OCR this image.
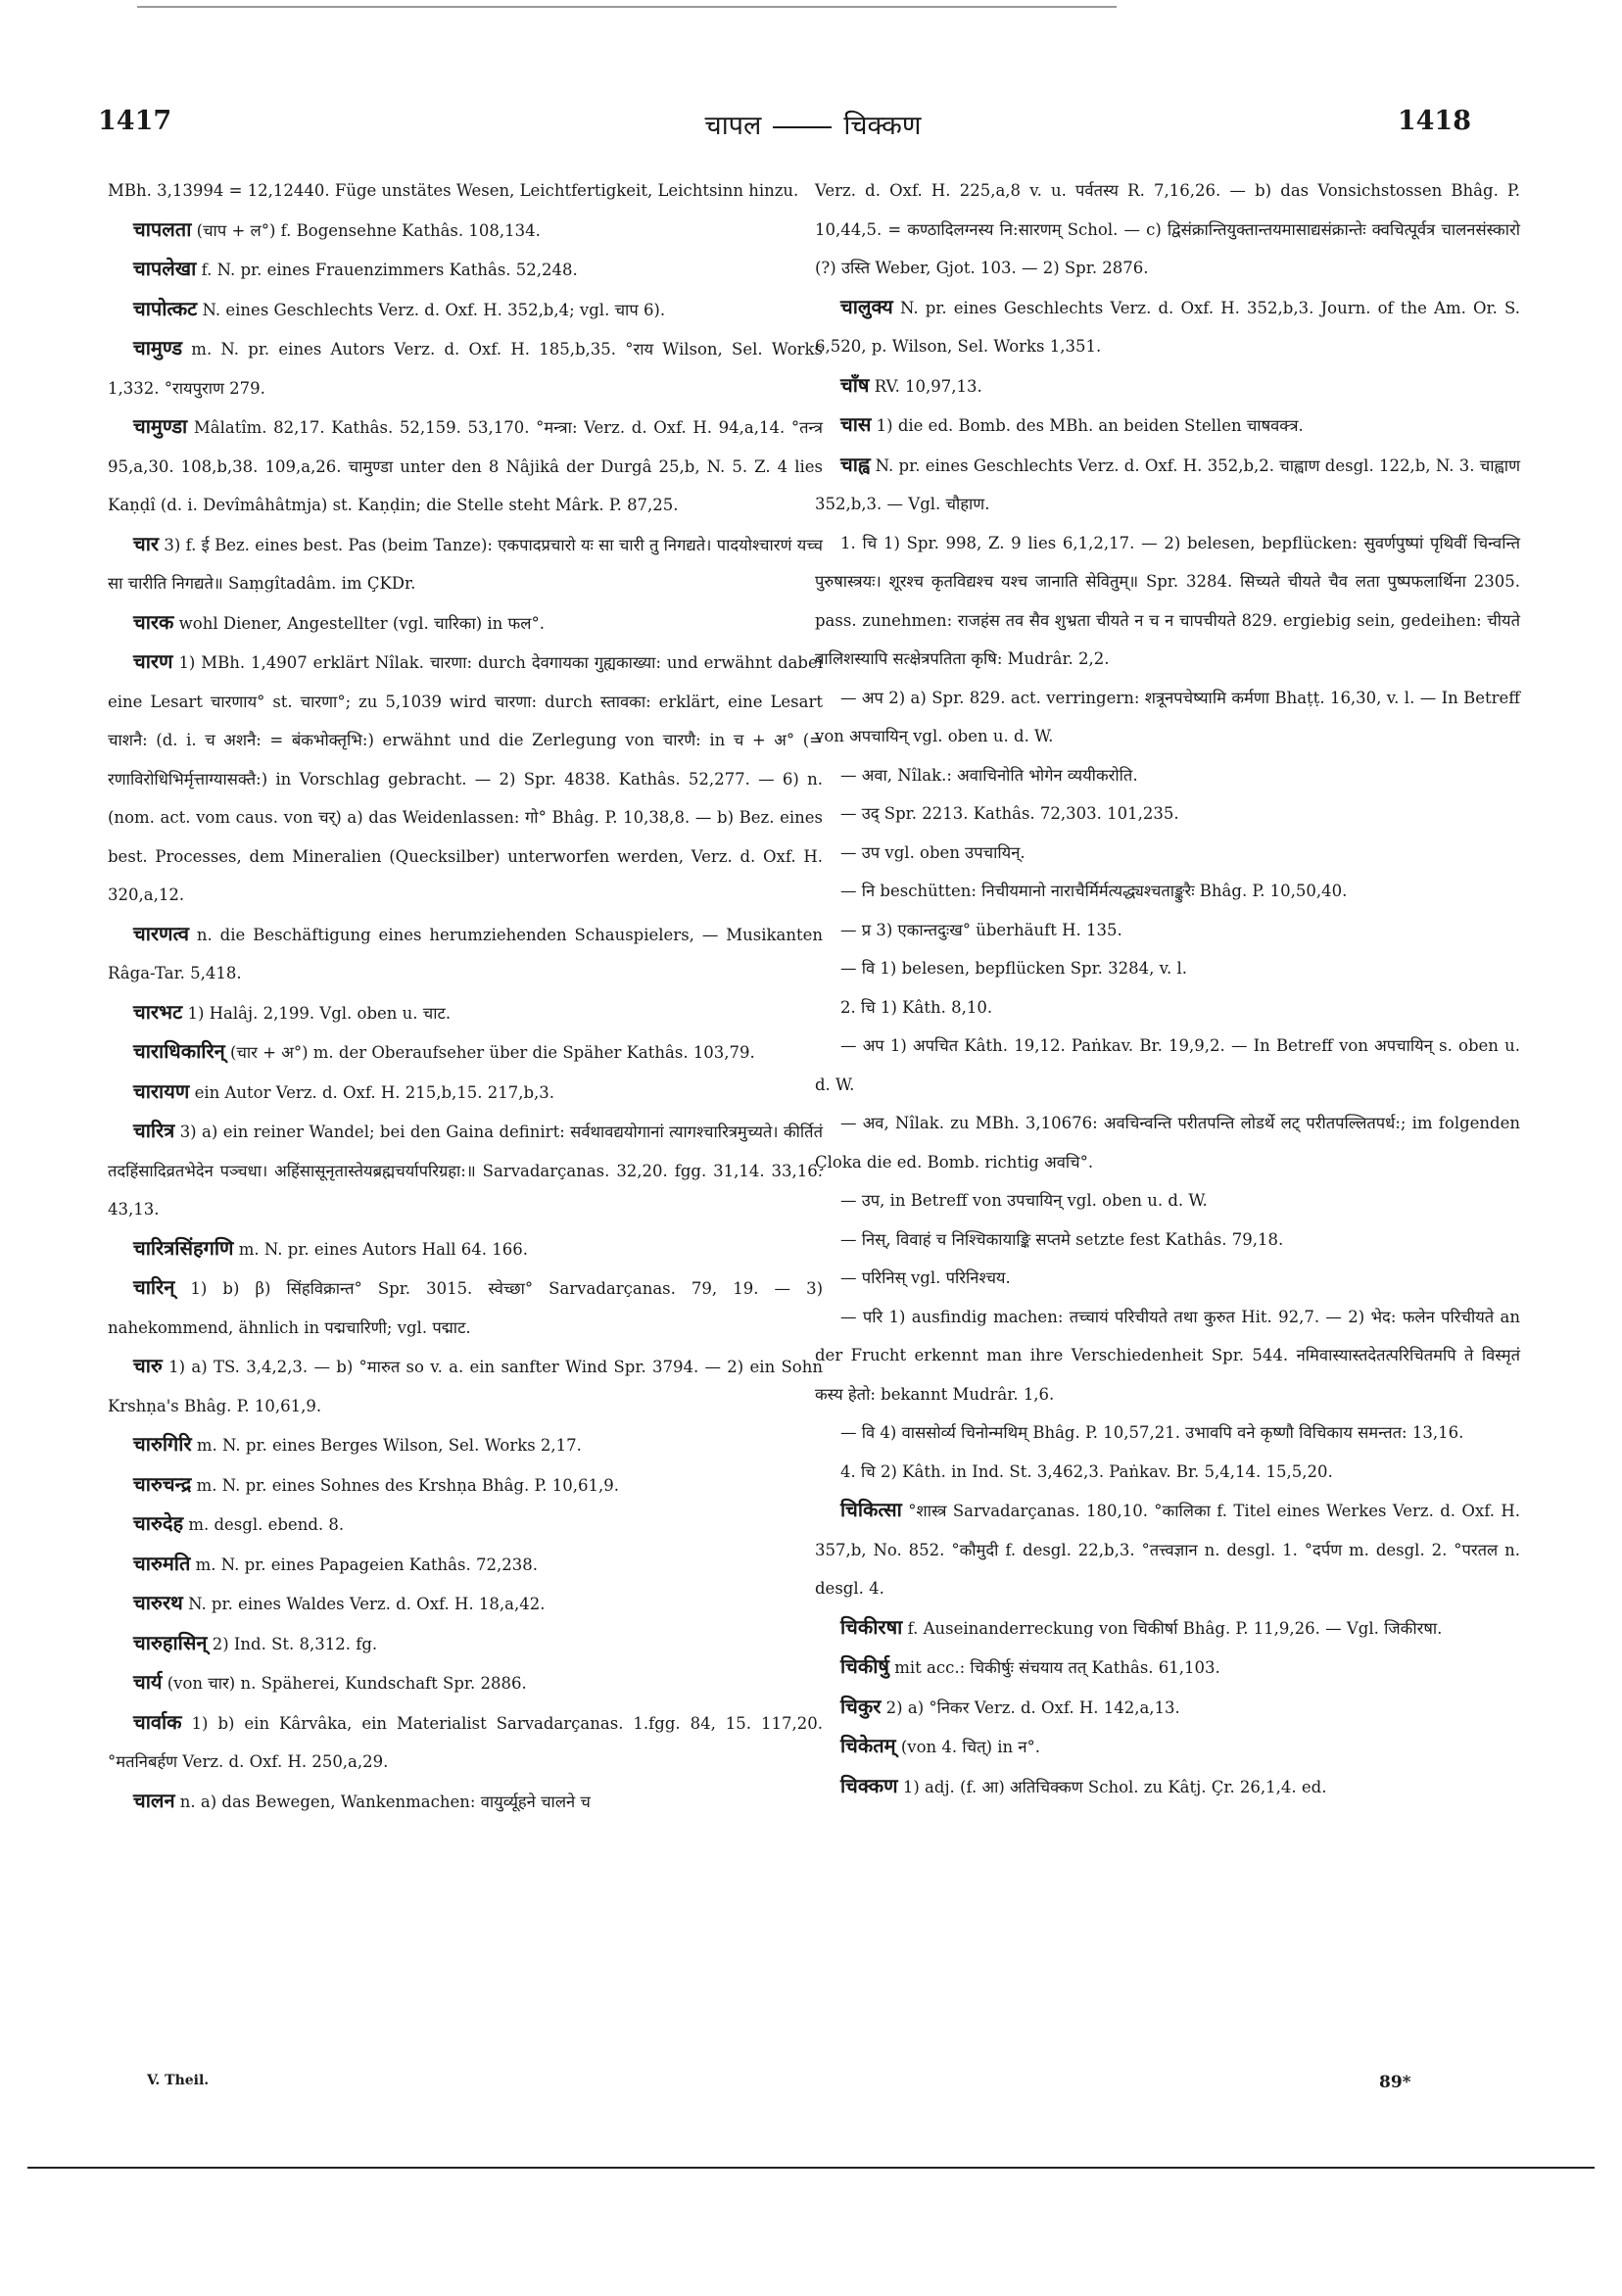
1417	चापल	चिक्कण	1418

MBh. 3,13994 = 12,12440. Füge unstätes Wesen, Leichtfertigkeit, Leichtsinn hinzu.

चापलता (चाप + ल°) f. Bogensehne Kathâs. 108,134.

चापलेखा f. N. pr. eines Frauenzimmers Kathâs. 52,248.

चापोत्कट N. eines Geschlechts Verz. d. Oxf. H. 352,b,4; vgl. चाप 6).

चामुण्ड m. N. pr. eines Autors Verz. d. Oxf. H. 185,b,35. °राय Wilson, Sel. Works 1,332. °रायपुराण 279.

चामुण्डा Mâlatîm. 82,17. Kathâs. 52,159. 53,170. °मन्त्रा: Verz. d. Oxf. H. 94,a,14. °तन्त्र 95,a,30. 108,b,38. 109,a,26. चामुण्डा unter den 8 Nâjikâ der Durgâ 25,b, N. 5. Z. 4 lies Kaṇḍî (d. i. Devîmâhâtmja) st. Kaṇḍin; die Stelle steht Mârk. P. 87,25.

चार 3) f. ई Bez. eines best. Pas (beim Tanze): एकपादप्रचारो यः सा चारी तु निगद्यते। पादयोश्चारणं यच्च सा चारीति निगद्यते॥ Saṃgîtadâm. im ÇKDr.

चारक wohl Diener, Angestellter (vgl. चारिका) in फल°.

चारण 1) MBh. 1,4907 erklärt Nîlak. चारणा: durch देवगायका गुह्यकाख्या: und erwähnt dabei eine Lesart चारणाय° st. चारणा°; zu 5,1039 wird चारणा: durch स्तावका: erklärt, eine Lesart चाशनै: (d. i. च अशनै: = बंकभोक्तृभि:) erwähnt und die Zerlegung von चारणै: in च + अ° (= रणाविरोधिभिर्मृत्ताग्यासक्तै:) in Vorschlag gebracht. — 2) Spr. 4838. Kathâs. 52,277. — 6) n. (nom. act. vom caus. von चर्) a) das Weidenlassen: गो° Bhâg. P. 10,38,8. — b) Bez. eines best. Processes, dem Mineralien (Quecksilber) unterworfen werden, Verz. d. Oxf. H. 320,a,12.

चारणत्व n. die Beschäftigung eines herumziehenden Schauspielers, — Musikanten Râga-Tar. 5,418.

चारभट 1) Halâj. 2,199. Vgl. oben u. चाट.

चाराधिकारिन् (चार + अ°) m. der Oberaufseher über die Späher Kathâs. 103,79.

चारायण ein Autor Verz. d. Oxf. H. 215,b,15. 217,b,3.

चारित्र 3) a) ein reiner Wandel; bei den Gaina definirt: सर्वथावद्ययोगानां त्यागश्चारित्रमुच्यते। कीर्तितं तदहिंसादिव्रतभेदेन पञ्चधा। अहिंसासूनृतास्तेयब्रह्मचर्यापरिग्रहा:॥ Sarvadarçanas. 32,20. fgg. 31,14. 33,16. 43,13.

चारित्रसिंहगणि m. N. pr. eines Autors Hall 64. 166.

चारिन् 1) b) β) सिंहविक्रान्त° Spr. 3015. स्वेच्छा° Sarvadarçanas. 79, 19. — 3) nahekommend, ähnlich in पद्मचारिणी; vgl. पद्माट.

चारु 1) a) TS. 3,4,2,3. — b) °मारुत so v. a. ein sanfter Wind Spr. 3794. — 2) ein Sohn Krshṇa's Bhâg. P. 10,61,9.

चारुगिरि m. N. pr. eines Berges Wilson, Sel. Works 2,17.

चारुचन्द्र m. N. pr. eines Sohnes des Krshṇa Bhâg. P. 10,61,9.

चारुदेह m. desgl. ebend. 8.

चारुमति m. N. pr. eines Papageien Kathâs. 72,238.

चारुरथ N. pr. eines Waldes Verz. d. Oxf. H. 18,a,42.

चारुहासिन् 2) Ind. St. 8,312. fg.

चार्य (von चार) n. Späherei, Kundschaft Spr. 2886.

चार्वाक 1) b) ein Kârvâka, ein Materialist Sarvadarçanas. 1.fgg. 84, 15. 117,20. °मतनिबर्हण Verz. d. Oxf. H. 250,a,29.

चालन n. a) das Bewegen, Wankenmachen: वायुर्व्यूहने चालने च

Verz. d. Oxf. H. 225,a,8 v. u. पर्वतस्य R. 7,16,26. — b) das Vonsichstossen Bhâg. P. 10,44,5. = कण्ठादिलग्नस्य नि:सारणम् Schol. — c) द्विसंक्रान्तियुक्तान्तयमासाद्यसंक्रान्तेः क्वचित्पूर्वत्र चालनसंस्कारो (?) उस्ति Weber, Gjot. 103. — 2) Spr. 2876.

चालुक्य N. pr. eines Geschlechts Verz. d. Oxf. H. 352,b,3. Journ. of the Am. Or. S. 6,520, p. Wilson, Sel. Works 1,351.

चाँष RV. 10,97,13.

चास 1) die ed. Bomb. des MBh. an beiden Stellen चाषवक्त्र.

चाह्व N. pr. eines Geschlechts Verz. d. Oxf. H. 352,b,2. चाह्वाण desgl. 122,b, N. 3. चाह्वाण 352,b,3. — Vgl. चौहाण.

1. चि 1) Spr. 998, Z. 9 lies 6,1,2,17. — 2) belesen, bepflücken: सुवर्णपुष्पां पृथिवीं चिन्वन्ति पुरुषास्त्रयः। शूरश्च कृतविद्यश्च यश्च जानाति सेवितुम्॥ Spr. 3284. सिच्यते चीयते चैव लता पुष्पफलार्थिना 2305. pass. zunehmen: राजहंस तव सैव शुभ्रता चीयते न च न चापचीयते 829. ergiebig sein, gedeihen: चीयते बालिशस्यापि सत्क्षेत्रपतिता कृषि: Mudrâr. 2,2.

— अप 2) a) Spr. 829. act. verringern: शत्रूनपचेष्यामि कर्मणा Bhaṭṭ. 16,30, v. l. — In Betreff von अपचायिन् vgl. oben u. d. W.

— अवा, Nîlak.: अवाचिनोति भोगेन व्ययीकरोति.

— उद् Spr. 2213. Kathâs. 72,303. 101,235.

— उप vgl. oben उपचायिन्.

— नि beschütten: निचीयमानो नाराचैर्मिर्मत्यद्ध्यश्चताङ्कुरैः Bhâg. P. 10,50,40.

— प्र 3) एकान्तदुःख° überhäuft H. 135.

— वि 1) belesen, bepflücken Spr. 3284, v. l.

2. चि 1) Kâth. 8,10.

— अप 1) अपचित Kâth. 19,12. Paṅkav. Br. 19,9,2. — In Betreff von अपचायिन् s. oben u. d. W.

— अव, Nîlak. zu MBh. 3,10676: अवचिन्वन्ति परीतपन्ति लोडर्थे लट् परीतपल्लितपर्ध:; im folgenden Çloka die ed. Bomb. richtig अवचि°.

— उप, in Betreff von उपचायिन् vgl. oben u. d. W.

— निस्, विवाहं च निश्चिकायाङ्कि सप्तमे setzte fest Kathâs. 79,18.

— परिनिस् vgl. परिनिश्चय.

— परि 1) ausfindig machen: तच्चायं परिचीयते तथा कुरुत Hit. 92,7. — 2) भेद: फलेन परिचीयते an der Frucht erkennt man ihre Verschiedenheit Spr. 544. नमिवास्यास्तदेतत्परिचितमपि ते विस्मृतं कस्य हेतो: bekannt Mudrâr. 1,6.

— वि 4) वाससोर्व्य चिनोन्मथिम् Bhâg. P. 10,57,21. उभावपि वने कृष्णौ विचिकाय समन्तत: 13,16.

4. चि 2) Kâth. in Ind. St. 3,462,3. Paṅkav. Br. 5,4,14. 15,5,20.

चिकित्सा °शास्त्र Sarvadarçanas. 180,10. °कालिका f. Titel eines Werkes Verz. d. Oxf. H. 357,b, No. 852. °कौमुदी f. desgl. 22,b,3. °तत्त्वज्ञान n. desgl. 1. °दर्पण m. desgl. 2. °परतल n. desgl. 4.

चिकीरषा f. Auseinanderreckung von चिकीर्षा Bhâg. P. 11,9,26. — Vgl. जिकीरषा.

चिकीर्षु mit acc.: चिकीर्षुः संचयाय तत् Kathâs. 61,103.

चिकुर 2) a) °निकर Verz. d. Oxf. H. 142,a,13.

चिकेतम् (von 4. चित्) in न°.

चिक्कण 1) adj. (f. आ) अतिचिक्कण Schol. zu Kâtj. Çr. 26,1,4. ed.

V. Theil.	89*
